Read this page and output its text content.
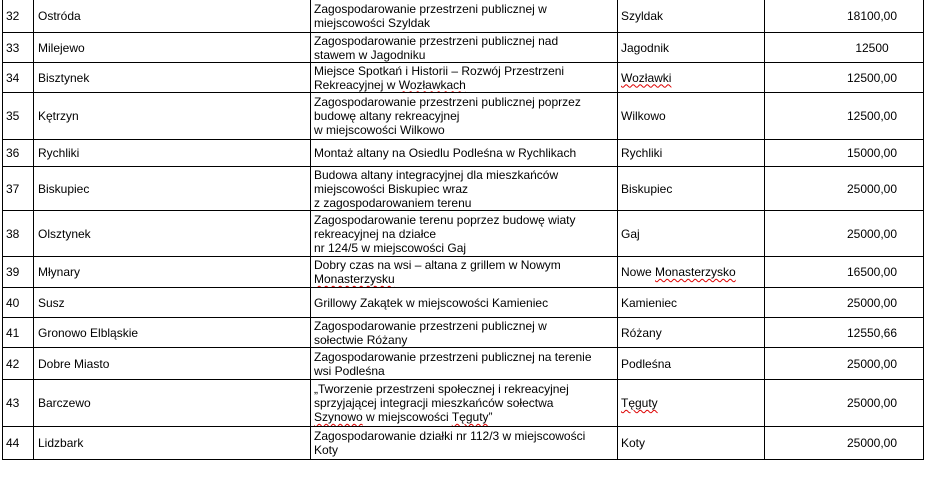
32	Ostróda	Zagospodarowanie przestrzeni publicznej w
miejscowości Szyldak	Szyldak	18100,00
33	Milejewo	Zagospodarowanie przestrzeni publicznej nad
stawem w Jagodniku	Jagodnik	12500
34	Bisztynek	Miejsce Spotkań i Historii – Rozwój Przestrzeni
Rekreacyjnej w Wozławkach	Wozławki	12500,00
35	Kętrzyn	Zagospodarowanie przestrzeni publicznej poprzez
budowę altany rekreacyjnej
w miejscowości Wilkowo	Wilkowo	12500,00
36	Rychliki	Montaż altany na Osiedlu Podleśna w Rychlikach	Rychliki	15000,00
37	Biskupiec	Budowa altany integracyjnej dla mieszkańców
miejscowości Biskupiec wraz
z zagospodarowaniem terenu	Biskupiec	25000,00
38	Olsztynek	Zagospodarowanie terenu poprzez budowę wiaty
rekreacyjnej na działce
nr 124/5 w miejscowości Gaj	Gaj	25000,00
39	Młynary	Dobry czas na wsi – altana z grillem w Nowym
Monasterzysku	Nowe Monasterzysko	16500,00
40	Susz	Grillowy Zakątek w miejscowości Kamieniec	Kamieniec	25000,00
41	Gronowo Elbląskie	Zagospodarowanie przestrzeni publicznej w
sołectwie Różany	Różany	12550,66
42	Dobre Miasto	Zagospodarowanie przestrzeni publicznej na terenie
wsi Podleśna	Podleśna	25000,00
43	Barczewo	„Tworzenie przestrzeni społecznej i rekreacyjnej
sprzyjającej integracji mieszkańców sołectwa
Szynowo w miejscowości Tęguty”	Tęguty	25000,00
44	Lidzbark	Zagospodarowanie działki nr 112/3 w miejscowości
Koty	Koty	25000,00
